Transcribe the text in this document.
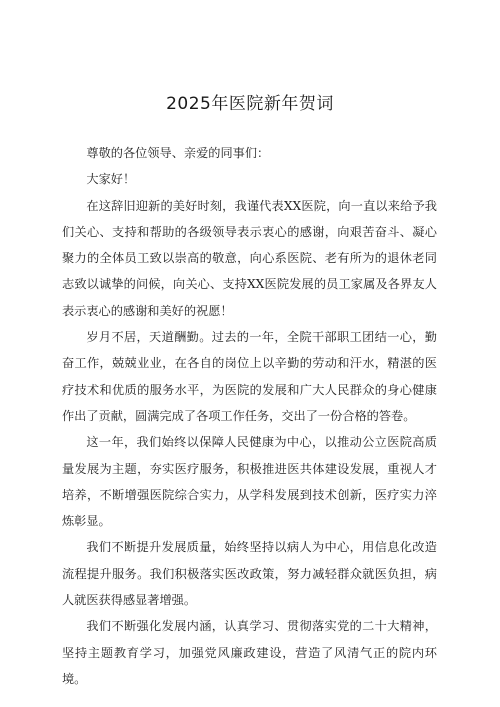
2025年医院新年贺词

尊敬的各位领导、亲爱的同事们：

大家好！

在这辞旧迎新的美好时刻，我谨代表XX医院，向一直以来给予我们关心、支持和帮助的各级领导表示衷心的感谢，向艰苦奋斗、凝心聚力的全体员工致以崇高的敬意，向心系医院、老有所为的退休老同志致以诚挚的问候，向关心、支持XX医院发展的员工家属及各界友人表示衷心的感谢和美好的祝愿！

岁月不居，天道酬勤。过去的一年，全院干部职工团结一心，勤奋工作，兢兢业业，在各自的岗位上以辛勤的劳动和汗水，精湛的医疗技术和优质的服务水平，为医院的发展和广大人民群众的身心健康作出了贡献，圆满完成了各项工作任务，交出了一份合格的答卷。

这一年，我们始终以保障人民健康为中心，以推动公立医院高质量发展为主题，夯实医疗服务，积极推进医共体建设发展，重视人才培养，不断增强医院综合实力，从学科发展到技术创新，医疗实力淬炼彰显。

我们不断提升发展质量，始终坚持以病人为中心，用信息化改造流程提升服务。我们积极落实医改政策，努力减轻群众就医负担，病人就医获得感显著增强。

我们不断强化发展内涵，认真学习、贯彻落实党的二十大精神，坚持主题教育学习，加强党风廉政建设，营造了风清气正的院内环境。
